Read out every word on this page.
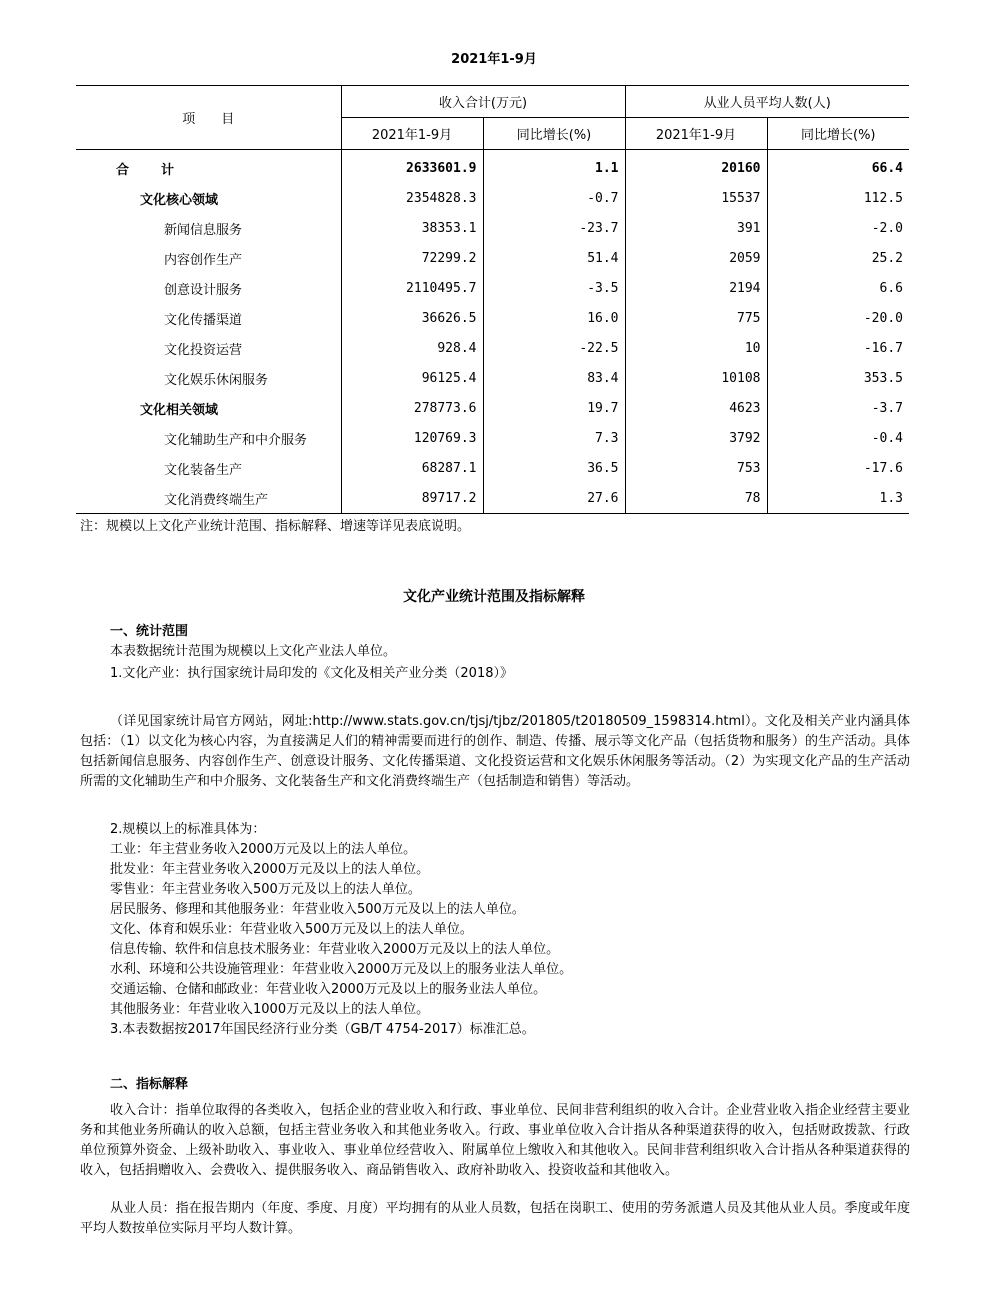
2021年1-9月
项　　目	收入合计(万元)		从业人员平均人数(人)	
	2021年1-9月	同比增长(%)	2021年1-9月	同比增长(%)
合　　计	2633601.9	1.1	20160	66.4
文化核心领域	2354828.3	-0.7	15537	112.5
新闻信息服务	38353.1	-23.7	391	-2.0
内容创作生产	72299.2	51.4	2059	25.2
创意设计服务	2110495.7	-3.5	2194	6.6
文化传播渠道	36626.5	16.0	775	-20.0
文化投资运营	928.4	-22.5	10	-16.7
文化娱乐休闲服务	96125.4	83.4	10108	353.5
文化相关领域	278773.6	19.7	4623	-3.7
文化辅助生产和中介服务	120769.3	7.3	3792	-0.4
文化装备生产	68287.1	36.5	753	-17.6
文化消费终端生产	89717.2	27.6	78	1.3
注：规模以上文化产业统计范围、指标解释、增速等详见表底说明。
文化产业统计范围及指标解释
一、统计范围
本表数据统计范围为规模以上文化产业法人单位。
1.文化产业：执行国家统计局印发的《文化及相关产业分类（2018）》
（详见国家统计局官方网站，网址:http://www.stats.gov.cn/tjsj/tjbz/201805/t20180509_1598314.html）。文化及相关产业内涵具体包括：（1）以文化为核心内容，为直接满足人们的精神需要而进行的创作、制造、传播、展示等文化产品（包括货物和服务）的生产活动。具体包括新闻信息服务、内容创作生产、创意设计服务、文化传播渠道、文化投资运营和文化娱乐休闲服务等活动。（2）为实现文化产品的生产活动所需的文化辅助生产和中介服务、文化装备生产和文化消费终端生产（包括制造和销售）等活动。
2.规模以上的标准具体为：
工业：年主营业务收入2000万元及以上的法人单位。
批发业：年主营业务收入2000万元及以上的法人单位。
零售业：年主营业务收入500万元及以上的法人单位。
居民服务、修理和其他服务业：年营业收入500万元及以上的法人单位。
文化、体育和娱乐业：年营业收入500万元及以上的法人单位。
信息传输、软件和信息技术服务业：年营业收入2000万元及以上的法人单位。
水利、环境和公共设施管理业：年营业收入2000万元及以上的服务业法人单位。
交通运输、仓储和邮政业：年营业收入2000万元及以上的服务业法人单位。
其他服务业：年营业收入1000万元及以上的法人单位。
3.本表数据按2017年国民经济行业分类（GB/T 4754-2017）标准汇总。
二、指标解释
收入合计：指单位取得的各类收入，包括企业的营业收入和行政、事业单位、民间非营利组织的收入合计。企业营业收入指企业经营主要业务和其他业务所确认的收入总额，包括主营业务收入和其他业务收入。行政、事业单位收入合计指从各种渠道获得的收入，包括财政拨款、行政单位预算外资金、上级补助收入、事业收入、事业单位经营收入、附属单位上缴收入和其他收入。民间非营利组织收入合计指从各种渠道获得的收入，包括捐赠收入、会费收入、提供服务收入、商品销售收入、政府补助收入、投资收益和其他收入。
从业人员：指在报告期内（年度、季度、月度）平均拥有的从业人员数，包括在岗职工、使用的劳务派遣人员及其他从业人员。季度或年度平均人数按单位实际月平均人数计算。
